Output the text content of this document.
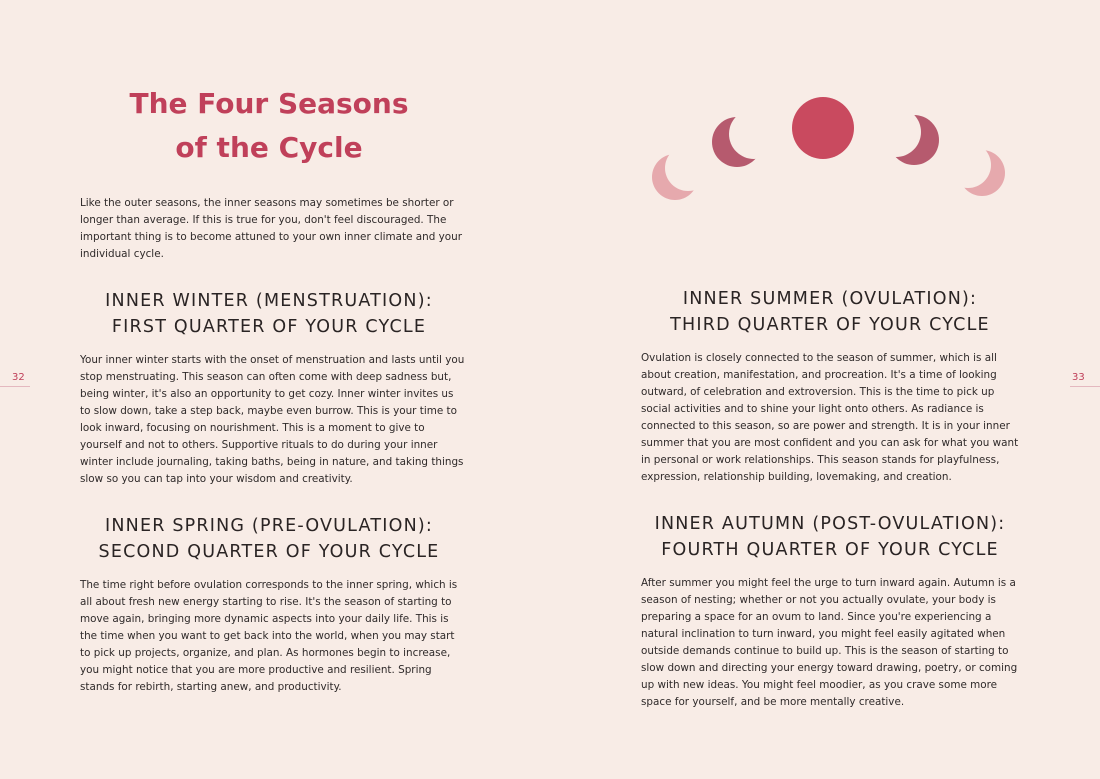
The Four Seasons
of the Cycle

Like the outer seasons, the inner seasons may sometimes be shorter or longer than average. If this is true for you, don't feel discouraged. The important thing is to become attuned to your own inner climate and your individual cycle.

INNER WINTER (MENSTRUATION):
FIRST QUARTER OF YOUR CYCLE

Your inner winter starts with the onset of menstruation and lasts until you stop menstruating. This season can often come with deep sadness but, being winter, it's also an opportunity to get cozy. Inner winter invites us to slow down, take a step back, maybe even burrow. This is your time to look inward, focusing on nourishment. This is a moment to give to yourself and not to others. Supportive rituals to do during your inner winter include journaling, taking baths, being in nature, and taking things slow so you can tap into your wisdom and creativity.

INNER SPRING (PRE-OVULATION):
SECOND QUARTER OF YOUR CYCLE

The time right before ovulation corresponds to the inner spring, which is all about fresh new energy starting to rise. It's the season of starting to move again, bringing more dynamic aspects into your daily life. This is the time when you want to get back into the world, when you may start to pick up projects, organize, and plan. As hormones begin to increase, you might notice that you are more productive and resilient. Spring stands for rebirth, starting anew, and productivity.

32
INNER SUMMER (OVULATION):
THIRD QUARTER OF YOUR CYCLE

Ovulation is closely connected to the season of summer, which is all about creation, manifestation, and procreation. It's a time of looking outward, of celebration and extroversion. This is the time to pick up social activities and to shine your light onto others. As radiance is connected to this season, so are power and strength. It is in your inner summer that you are most confident and you can ask for what you want in personal or work relationships. This season stands for playfulness, expression, relationship building, lovemaking, and creation.

INNER AUTUMN (POST-OVULATION):
FOURTH QUARTER OF YOUR CYCLE

After summer you might feel the urge to turn inward again. Autumn is a season of nesting; whether or not you actually ovulate, your body is preparing a space for an ovum to land. Since you're experiencing a natural inclination to turn inward, you might feel easily agitated when outside demands continue to build up. This is the season of starting to slow down and directing your energy toward drawing, poetry, or coming up with new ideas. You might feel moodier, as you crave some more space for yourself, and be more mentally creative.

33
